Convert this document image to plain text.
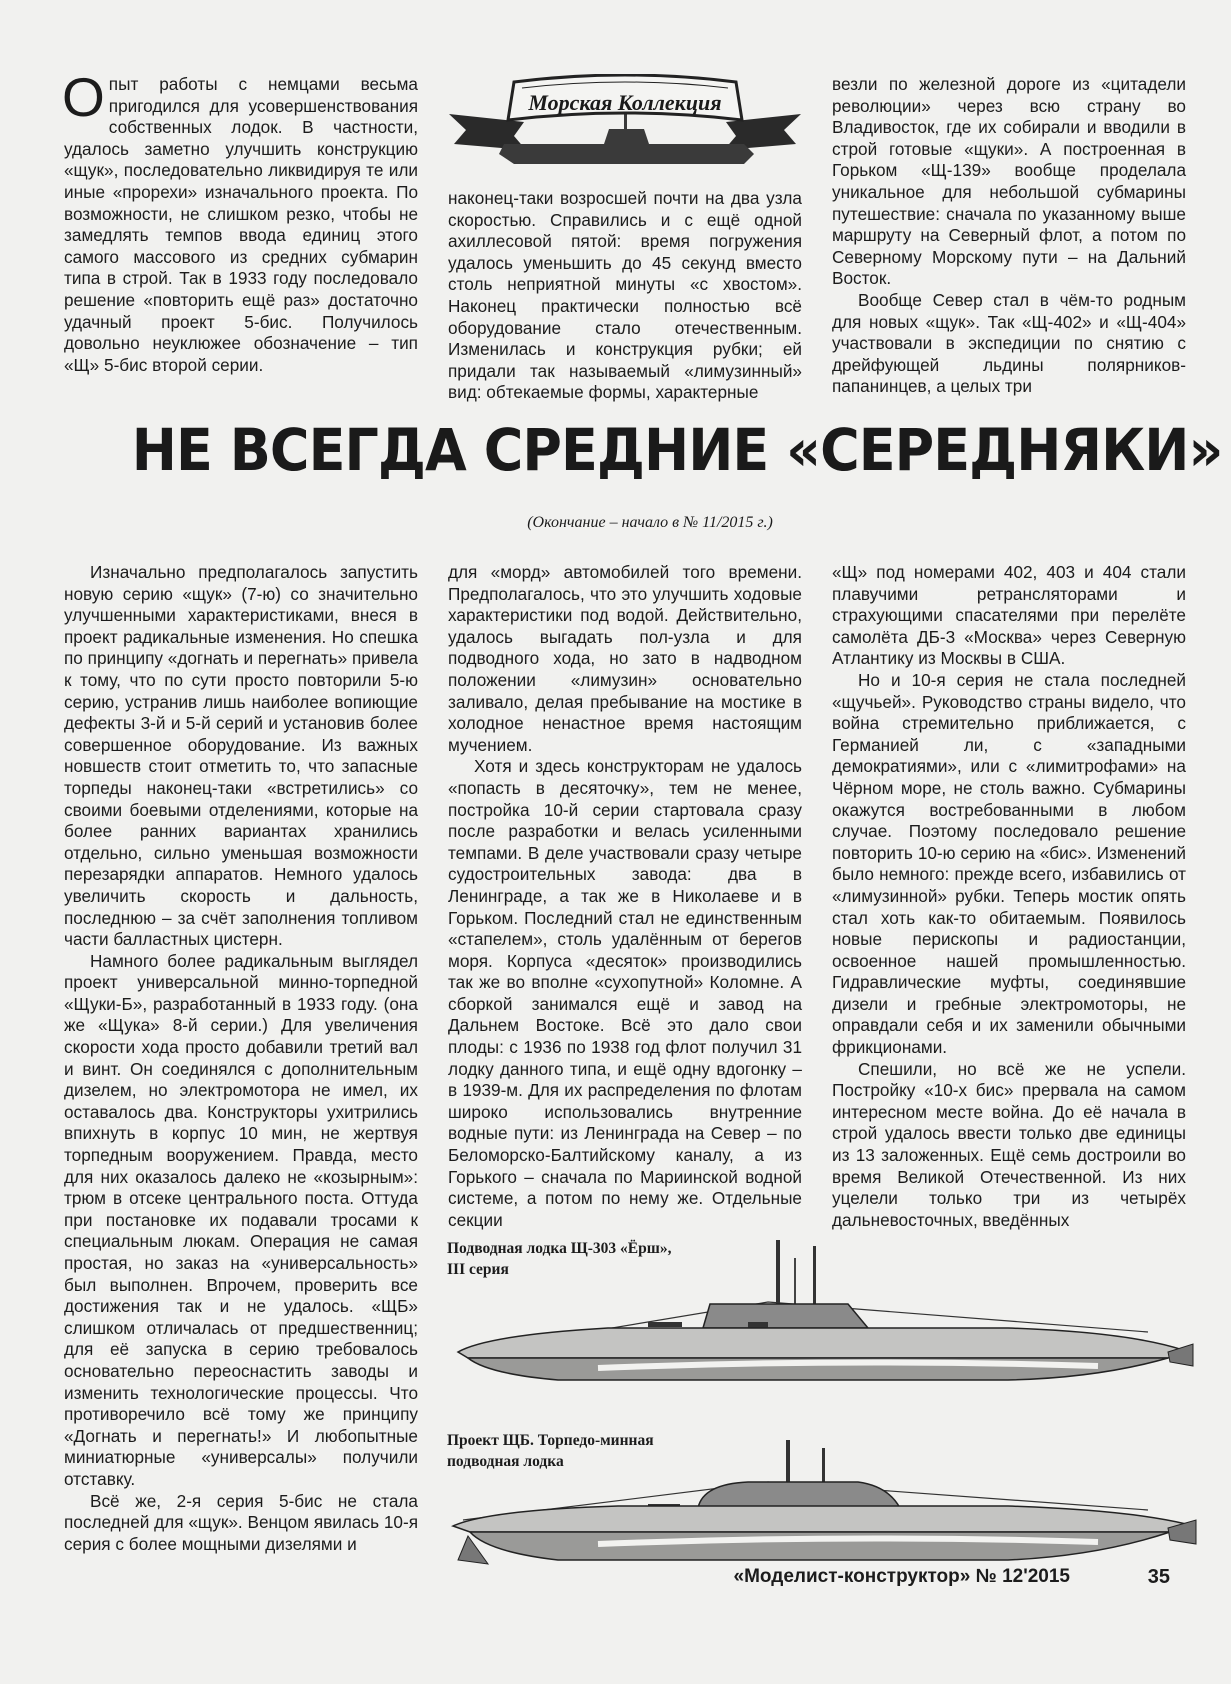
Морская Коллекция

Опыт работы с немцами весьма пригодился для усовершенствования собственных лодок. В частности, удалось заметно улучшить конструкцию «щук», последовательно ликвидируя те или иные «прорехи» изначального проекта. По возможности, не слишком резко, чтобы не замедлять темпов ввода единиц этого самого массового из средних субмарин типа в строй. Так в 1933 году последовало решение «повторить ещё раз» достаточно удачный проект 5-бис. Получилось довольно неуклюжее обозначение – тип «Щ» 5-бис второй серии.

наконец-таки возросшей почти на два узла скоростью. Справились и с ещё одной ахиллесовой пятой: время погружения удалось уменьшить до 45 секунд вместо столь неприятной минуты «с хвостом». Наконец практически полностью всё оборудование стало отечественным. Изменилась и конструкция рубки; ей придали так называемый «лимузинный» вид: обтекаемые формы, характерные

везли по железной дороге из «цитадели революции» через всю страну во Владивосток, где их собирали и вводили в строй готовые «щуки». А построенная в Горьком «Щ-139» вообще проделала уникальное для небольшой субмарины путешествие: сначала по указанному выше маршруту на Северный флот, а потом по Северному Морскому пути – на Дальний Восток.

Вообще Север стал в чём-то родным для новых «щук». Так «Щ-402» и «Щ-404» участвовали в экспедиции по снятию с дрейфующей льдины полярников-папанинцев, а целых три

НЕ ВСЕГДА СРЕДНИЕ «СЕРЕДНЯКИ»
(Окончание – начало в № 11/2015 г.)

Изначально предполагалось запустить новую серию «щук» (7-ю) со значительно улучшенными характеристиками, внеся в проект радикальные изменения. Но спешка по принципу «догнать и перегнать» привела к тому, что по сути просто повторили 5-ю серию, устранив лишь наиболее вопиющие дефекты 3-й и 5-й серий и установив более совершенное оборудование. Из важных новшеств стоит отметить то, что запасные торпеды наконец-таки «встретились» со своими боевыми отделениями, которые на более ранних вариантах хранились отдельно, сильно уменьшая возможности перезарядки аппаратов. Немного удалось увеличить скорость и дальность, последнюю – за счёт заполнения топливом части балластных цистерн.

Намного более радикальным выглядел проект универсальной минно-торпедной «Щуки-Б», разработанный в 1933 году. (она же «Щука» 8-й серии.) Для увеличения скорости хода просто добавили третий вал и винт. Он соединялся с дополнительным дизелем, но электромотора не имел, их оставалось два. Конструкторы ухитрились впихнуть в корпус 10 мин, не жертвуя торпедным вооружением. Правда, место для них оказалось далеко не «козырным»: трюм в отсеке центрального поста. Оттуда при постановке их подавали тросами к специальным люкам. Операция не самая простая, но заказ на «универсальность» был выполнен. Впрочем, проверить все достижения так и не удалось. «ЩБ» слишком отличалась от предшественниц; для её запуска в серию требовалось основательно переоснастить заводы и изменить технологические процессы. Что противоречило всё тому же принципу «Догнать и перегнать!» И любопытные миниатюрные «универсалы» получили отставку.

Всё же, 2-я серия 5-бис не стала последней для «щук». Венцом явилась 10-я серия с более мощными дизелями и

для «морд» автомобилей того времени. Предполагалось, что это улучшить ходовые характеристики под водой. Действительно, удалось выгадать пол-узла и для подводного хода, но зато в надводном положении «лимузин» основательно заливало, делая пребывание на мостике в холодное ненастное время настоящим мучением.

Хотя и здесь конструкторам не удалось «попасть в десяточку», тем не менее, постройка 10-й серии стартовала сразу после разработки и велась усиленными темпами. В деле участвовали сразу четыре судостроительных завода: два в Ленинграде, а так же в Николаеве и в Горьком. Последний стал не единственным «стапелем», столь удалённым от берегов моря. Корпуса «десяток» производились так же во вполне «сухопутной» Коломне. А сборкой занимался ещё и завод на Дальнем Востоке. Всё это дало свои плоды: с 1936 по 1938 год флот получил 31 лодку данного типа, и ещё одну вдогонку – в 1939-м. Для их распределения по флотам широко использовались внутренние водные пути: из Ленинграда на Север – по Беломорско-Балтийскому каналу, а из Горького – сначала по Мариинской водной системе, а потом по нему же. Отдельные секции

«Щ» под номерами 402, 403 и 404 стали плавучими ретрансляторами и страхующими спасателями при перелёте самолёта ДБ-3 «Москва» через Северную Атлантику из Москвы в США.

Но и 10-я серия не стала последней «щучьей». Руководство страны видело, что война стремительно приближается, с Германией ли, с «западными демократиями», или с «лимитрофами» на Чёрном море, не столь важно. Субмарины окажутся востребованными в любом случае. Поэтому последовало решение повторить 10-ю серию на «бис». Изменений было немного: прежде всего, избавились от «лимузинной» рубки. Теперь мостик опять стал хоть как-то обитаемым. Появилось новые перископы и радиостанции, освоенное нашей промышленностью. Гидравлические муфты, соединявшие дизели и гребные электромоторы, не оправдали себя и их заменили обычными фрикционами.

Спешили, но всё же не успели. Постройку «10-х бис» прервала на самом интересном месте война. До её начала в строй удалось ввести только две единицы из 13 заложенных. Ещё семь достроили во время Великой Отечественной. Из них уцелели только три из четырёх дальневосточных, введённых

Подводная лодка Щ-303 «Ёрш»,
III серия
Проект ЩБ. Торпедо-минная
подводная лодка
«Моделист-конструктор» № 12'2015	35
